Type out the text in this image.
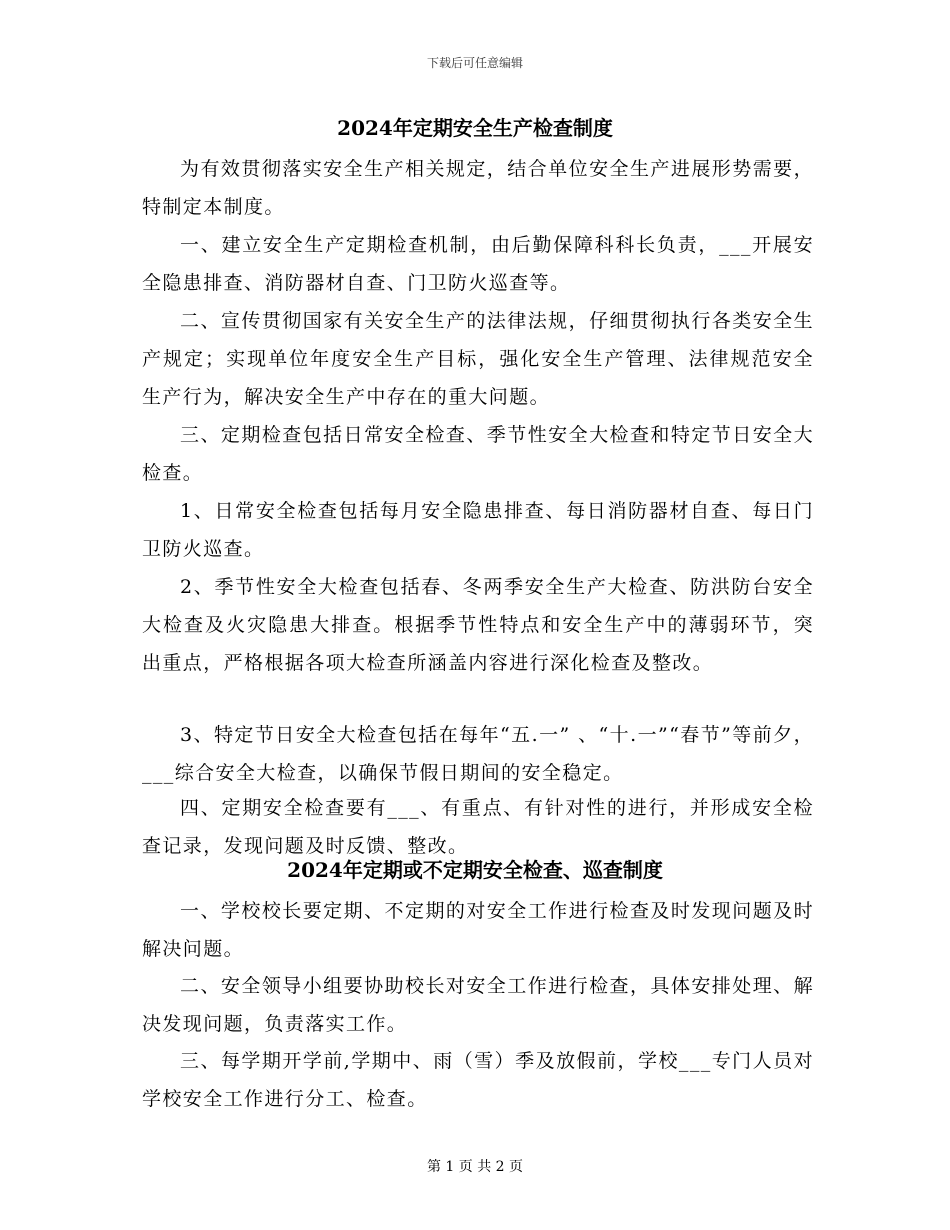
下载后可任意编辑
2024年定期安全生产检查制度

为有效贯彻落实安全生产相关规定，结合单位安全生产进展形势需要，特制定本制度。

一、建立安全生产定期检查机制，由后勤保障科科长负责，___开展安全隐患排查、消防器材自查、门卫防火巡查等。

二、宣传贯彻国家有关安全生产的法律法规，仔细贯彻执行各类安全生产规定；实现单位年度安全生产目标，强化安全生产管理、法律规范安全生产行为，解决安全生产中存在的重大问题。

三、定期检查包括日常安全检查、季节性安全大检查和特定节日安全大检查。

1、日常安全检查包括每月安全隐患排查、每日消防器材自查、每日门卫防火巡查。

2、季节性安全大检查包括春、冬两季安全生产大检查、防洪防台安全大检查及火灾隐患大排查。根据季节性特点和安全生产中的薄弱环节，突出重点，严格根据各项大检查所涵盖内容进行深化检查及整改。

3、特定节日安全大检查包括在每年“五.一” 、“十.一”“春节”等前夕，___综合安全大检查，以确保节假日期间的安全稳定。

四、定期安全检查要有___、有重点、有针对性的进行，并形成安全检查记录，发现问题及时反馈、整改。

2024年定期或不定期安全检查、巡查制度

一、学校校长要定期、不定期的对安全工作进行检查及时发现问题及时解决问题。

二、安全领导小组要协助校长对安全工作进行检查，具体安排处理、解决发现问题，负责落实工作。

三、每学期开学前,学期中、雨（雪）季及放假前，学校___专门人员对学校安全工作进行分工、检查。

第 1 页 共 2 页
